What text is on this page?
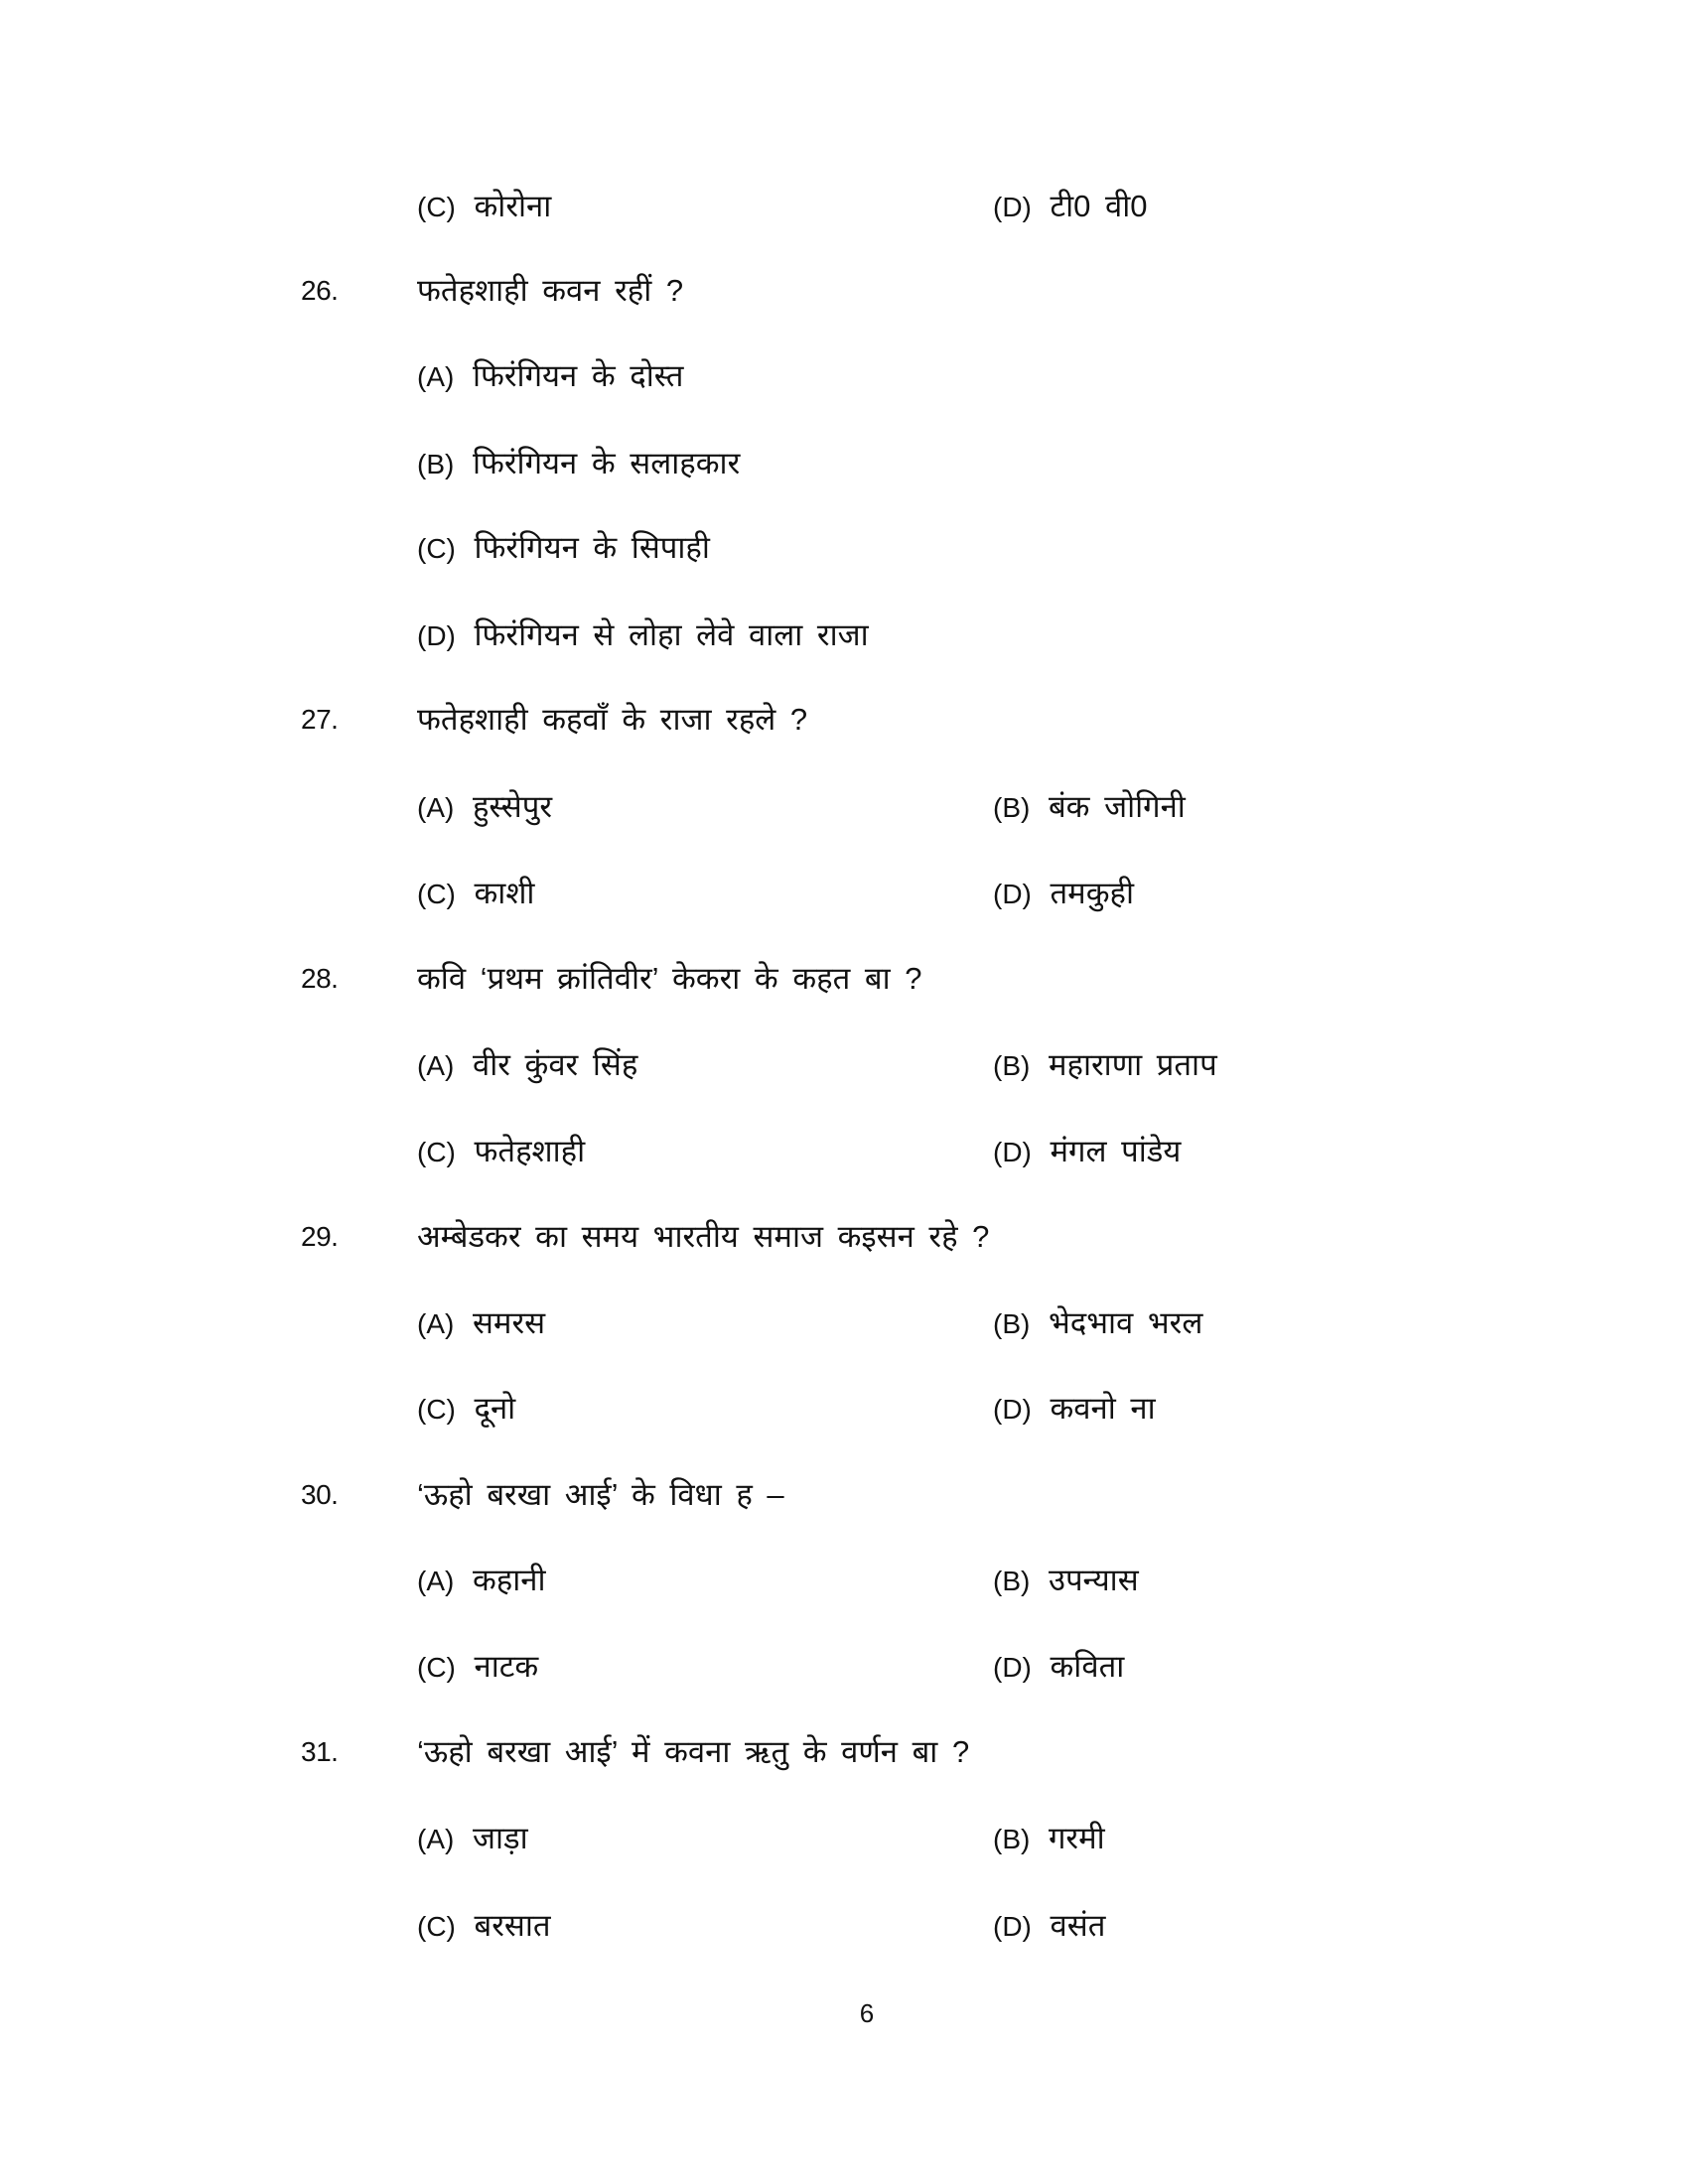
(C) कोरोना	(D) टी0 वी0
26.	फतेहशाही कवन रहीं ?
(A) फिरंगियन के दोस्त
(B) फिरंगियन के सलाहकार
(C) फिरंगियन के सिपाही
(D) फिरंगियन से लोहा लेवे वाला राजा
27.	फतेहशाही कहवाँ के राजा रहले ?
(A) हुस्सेपुर	(B) बंक जोगिनी
(C) काशी	(D) तमकुही
28.	कवि ‘प्रथम क्रांतिवीर’ केकरा के कहत बा ?
(A) वीर कुंवर सिंह	(B) महाराणा प्रताप
(C) फतेहशाही	(D) मंगल पांडेय
29.	अम्बेडकर का समय भारतीय समाज कइसन रहे ?
(A) समरस	(B) भेदभाव भरल
(C) दूनो	(D) कवनो ना
30.	‘ऊहो बरखा आई’ के विधा ह –
(A) कहानी	(B) उपन्यास
(C) नाटक	(D) कविता
31.	‘ऊहो बरखा आई’ में कवना ऋतु के वर्णन बा ?
(A) जाड़ा	(B) गरमी
(C) बरसात	(D) वसंत
6
